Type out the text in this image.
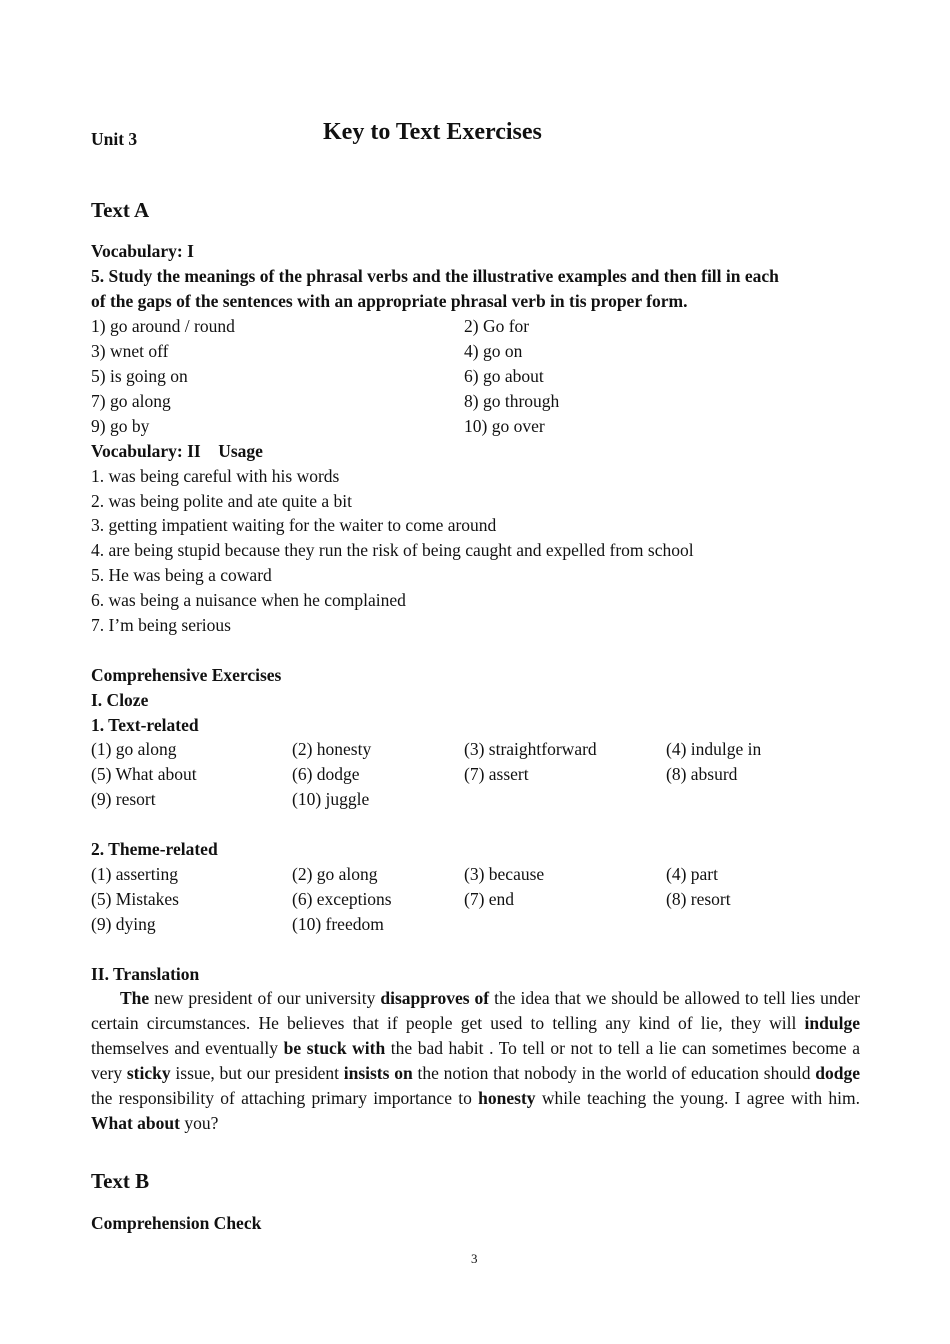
Unit 3	Key to Text Exercises
Text A
Vocabulary: I
5. Study the meanings of the phrasal verbs and the illustrative examples and then fill in each
of the gaps of the sentences with an appropriate phrasal verb in tis proper form.
1) go around / round	2) Go for
3) wnet off	4) go on
5) is going on	6) go about
7) go along	8) go through
9) go by	10) go over
Vocabulary: II    Usage
1. was being careful with his words
2. was being polite and ate quite a bit
3. getting impatient waiting for the waiter to come around
4. are being stupid because they run the risk of being caught and expelled from school
5. He was being a coward
6. was being a nuisance when he complained
7. I’m being serious
Comprehensive Exercises
I. Cloze
1. Text-related
(1) go along	(2) honesty	(3) straightforward	(4) indulge in
(5) What about	(6) dodge	(7) assert	(8) absurd
(9) resort	(10) juggle
2. Theme-related
(1) asserting	(2) go along	(3) because	(4) part
(5) Mistakes	(6) exceptions	(7) end	(8) resort
(9) dying	(10) freedom
II. Translation
The new president of our university disapproves of the idea that we should be allowed to tell lies under certain circumstances. He believes that if people get used to telling any kind of lie, they will indulge themselves and eventually be stuck with the bad habit . To tell or not to tell a lie can sometimes become a very sticky issue, but our president insists on the notion that nobody in the world of education should dodge the responsibility of attaching primary importance to honesty while teaching the young. I agree with him. What about you?
Text B
Comprehension Check
3
